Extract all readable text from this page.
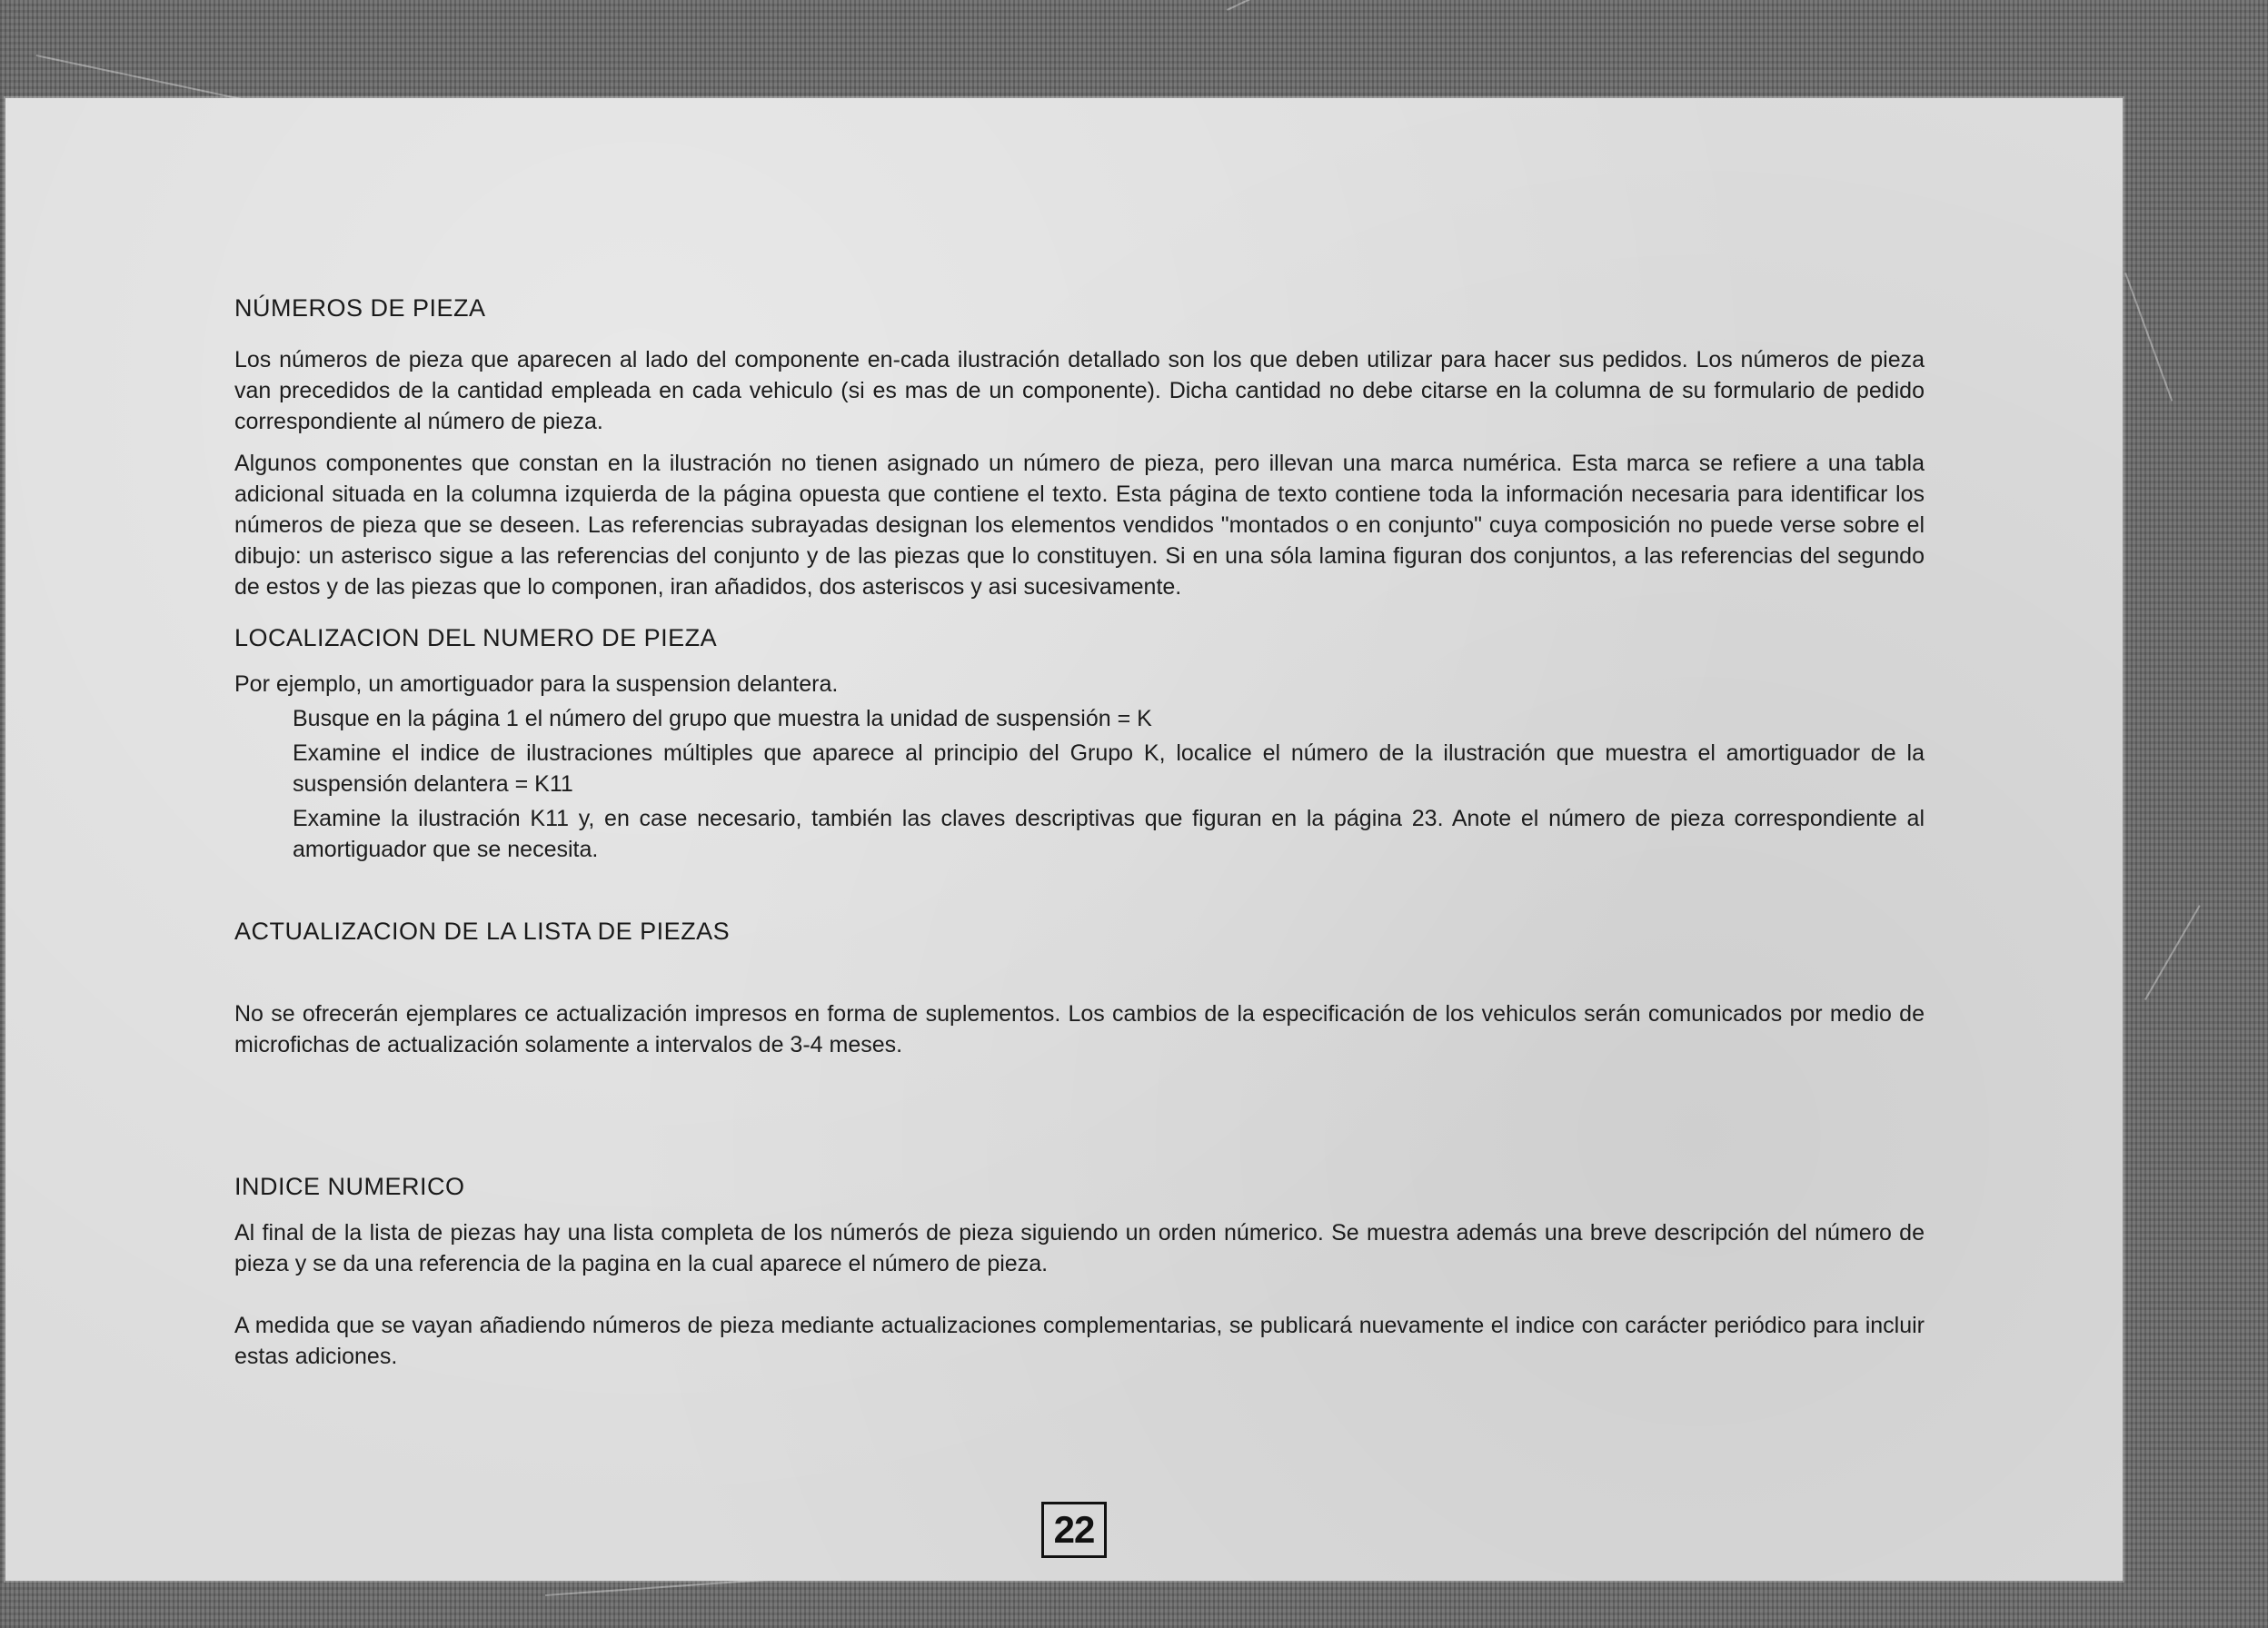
NÚMEROS DE PIEZA

Los números de pieza que aparecen al lado del componente en-cada ilustración detallado son los que deben utilizar para hacer sus pedidos. Los números de pieza van precedidos de la cantidad empleada en cada vehiculo (si es mas de un componente). Dicha cantidad no debe citarse en la columna de su formulario de pedido correspondiente al número de pieza.

Algunos componentes que constan en la ilustración no tienen asignado un número de pieza, pero illevan una marca numérica. Esta marca se refiere a una tabla adicional situada en la columna izquierda de la página opuesta que contiene el texto. Esta página de texto contiene toda la información necesaria para identificar los números de pieza que se deseen. Las referencias subrayadas designan los elementos vendidos "montados o en conjunto" cuya composición no puede verse sobre el dibujo: un asterisco sigue a las referencias del conjunto y de las piezas que lo constituyen. Si en una sóla lamina figuran dos conjuntos, a las referencias del segundo de estos y de las piezas que lo componen, iran añadidos, dos asteriscos y asi sucesivamente.

LOCALIZACION DEL NUMERO DE PIEZA

Por ejemplo, un amortiguador para la suspension delantera.

Busque en la página 1 el número del grupo que muestra la unidad de suspensión = K

Examine el indice de ilustraciones múltiples que aparece al principio del Grupo K, localice el número de la ilustración que muestra el amortiguador de la suspensión delantera = K11

Examine la ilustración K11 y, en case necesario, también las claves descriptivas que figuran en la página 23. Anote el número de pieza correspondiente al amortiguador que se necesita.

ACTUALIZACION DE LA LISTA DE PIEZAS

No se ofrecerán ejemplares ce actualización impresos en forma de suplementos. Los cambios de la especificación de los vehiculos serán comunicados por medio de microfichas de actualización solamente a intervalos de 3-4 meses.

INDICE NUMERICO

Al final de la lista de piezas hay una lista completa de los númerós de pieza siguiendo un orden númerico. Se muestra además una breve descripción del número de pieza y se da una referencia de la pagina en la cual aparece el número de pieza.

A medida que se vayan añadiendo números de pieza mediante actualizaciones complementarias, se publicará nuevamente el indice con carácter periódico para incluir estas adiciones.

22
